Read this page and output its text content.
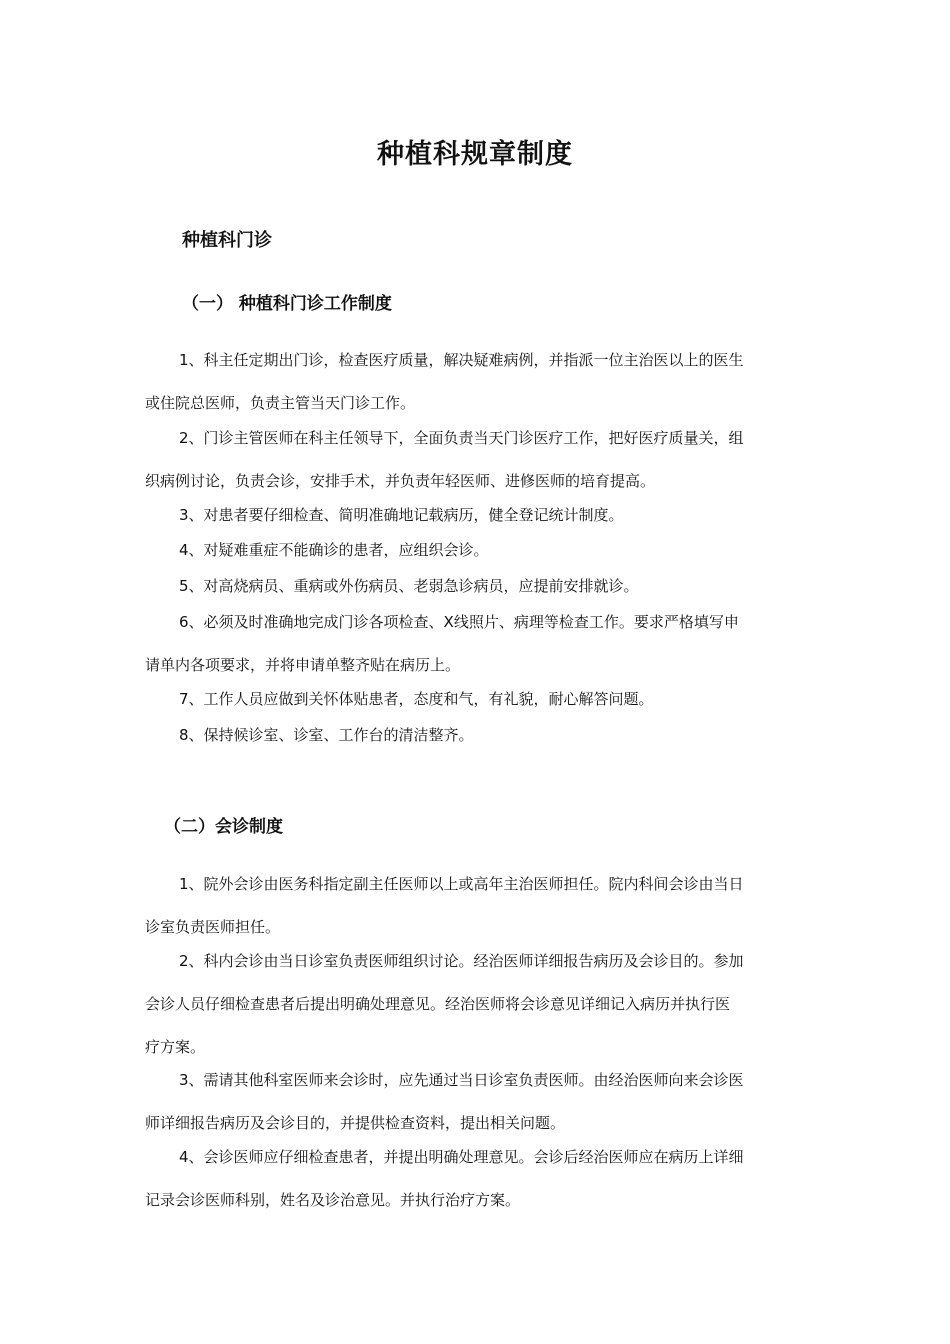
种植科规章制度
种植科门诊
（一） 种植科门诊工作制度

1、科主任定期出门诊，检查医疗质量，解决疑难病例，并指派一位主治医以上的医生
或住院总医师，负责主管当天门诊工作。

2、门诊主管医师在科主任领导下，全面负责当天门诊医疗工作，把好医疗质量关，组
织病例讨论，负责会诊，安排手术，并负责年轻医师、进修医师的培育提高。

3、对患者要仔细检查、简明准确地记载病历，健全登记统计制度。

4、对疑难重症不能确诊的患者，应组织会诊。

5、对高烧病员、重病或外伤病员、老弱急诊病员，应提前安排就诊。

6、必须及时准确地完成门诊各项检查、X线照片、病理等检查工作。要求严格填写申
请单内各项要求，并将申请单整齐贴在病历上。

7、工作人员应做到关怀体贴患者，态度和气，有礼貌，耐心解答问题。

8、保持候诊室、诊室、工作台的清洁整齐。

（二）会诊制度

1、院外会诊由医务科指定副主任医师以上或高年主治医师担任。院内科间会诊由当日
诊室负责医师担任。

2、科内会诊由当日诊室负责医师组织讨论。经治医师详细报告病历及会诊目的。参加
会诊人员仔细检查患者后提出明确处理意见。经治医师将会诊意见详细记入病历并执行医
疗方案。

3、需请其他科室医师来会诊时，应先通过当日诊室负责医师。由经治医师向来会诊医
师详细报告病历及会诊目的，并提供检查资料，提出相关问题。

4、会诊医师应仔细检查患者，并提出明确处理意见。会诊后经治医师应在病历上详细
记录会诊医师科别，姓名及诊治意见。并执行治疗方案。
